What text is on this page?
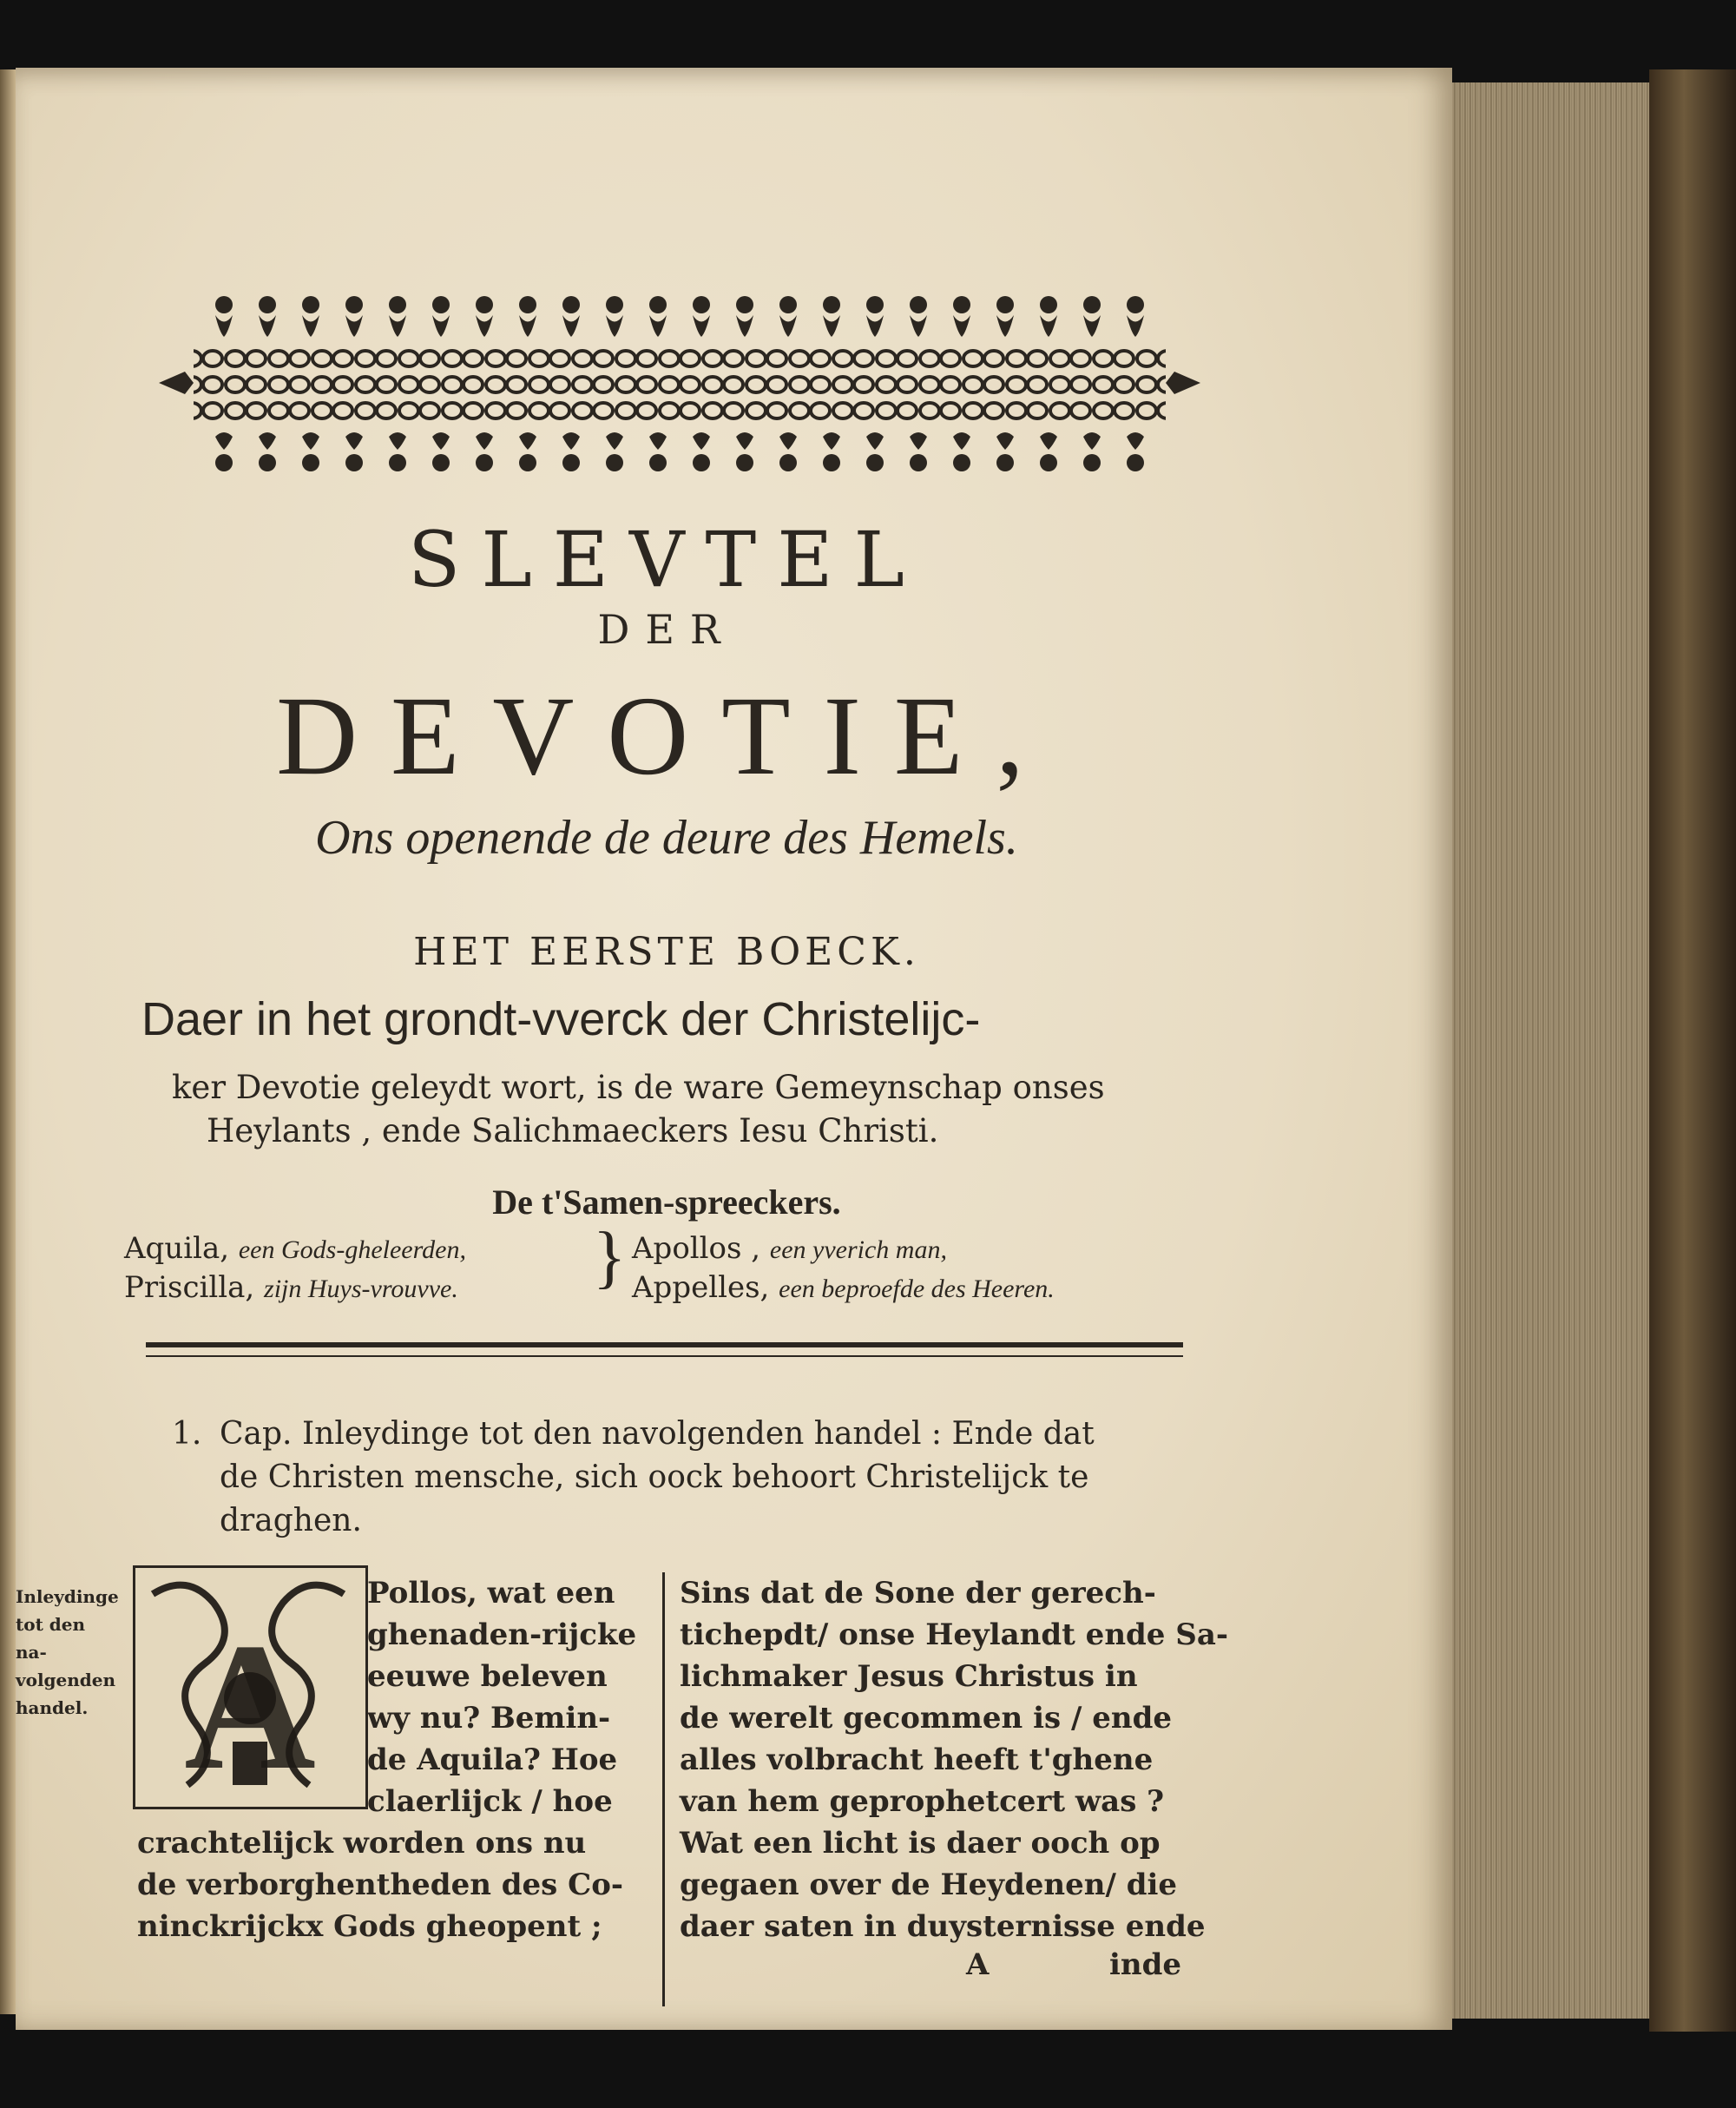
SLEVTEL
DER
DEVOTIE,
Ons openende de deure des Hemels.
HET EERSTE BOECK.
Daer in het grondt-vverck der Christelijc-
ker Devotie geleydt wort, is de ware Gemeynschap onses
Heylants , ende Salichmaeckers Iesu Christi.
De t'Samen-spreeckers.
Aquila, een Gods-gheleerden,
Priscilla, zijn Huys-vrouvve. } Apollos , een yverich man,
Appelles, een beproefde des Heeren.
1. Cap. Inleydinge tot den navolgenden handel : Ende dat
de Christen mensche, sich oock behoort Christelijck te
draghen.
Inleydinge
tot den na-
volgenden
handel. A
Pollos, wat een
ghenaden-rijcke
eeuwe beleven
wy nu? Bemin-
de Aquila? Hoe
claerlijck / hoe
crachtelijck worden ons nu
de verborghentheden des Co-
ninckrijckx Gods gheopent ;
Sins dat de Sone der gerech-
tichepdt/ onse Heylandt ende Sa-
lichmaker Jesus Christus in
de werelt gecommen is / ende
alles volbracht heeft t'ghene
van hem geprophetcert was ?
Wat een licht is daer ooch op
gegaen over de Heydenen/ die
daer saten in duysternisse ende
A	inde
